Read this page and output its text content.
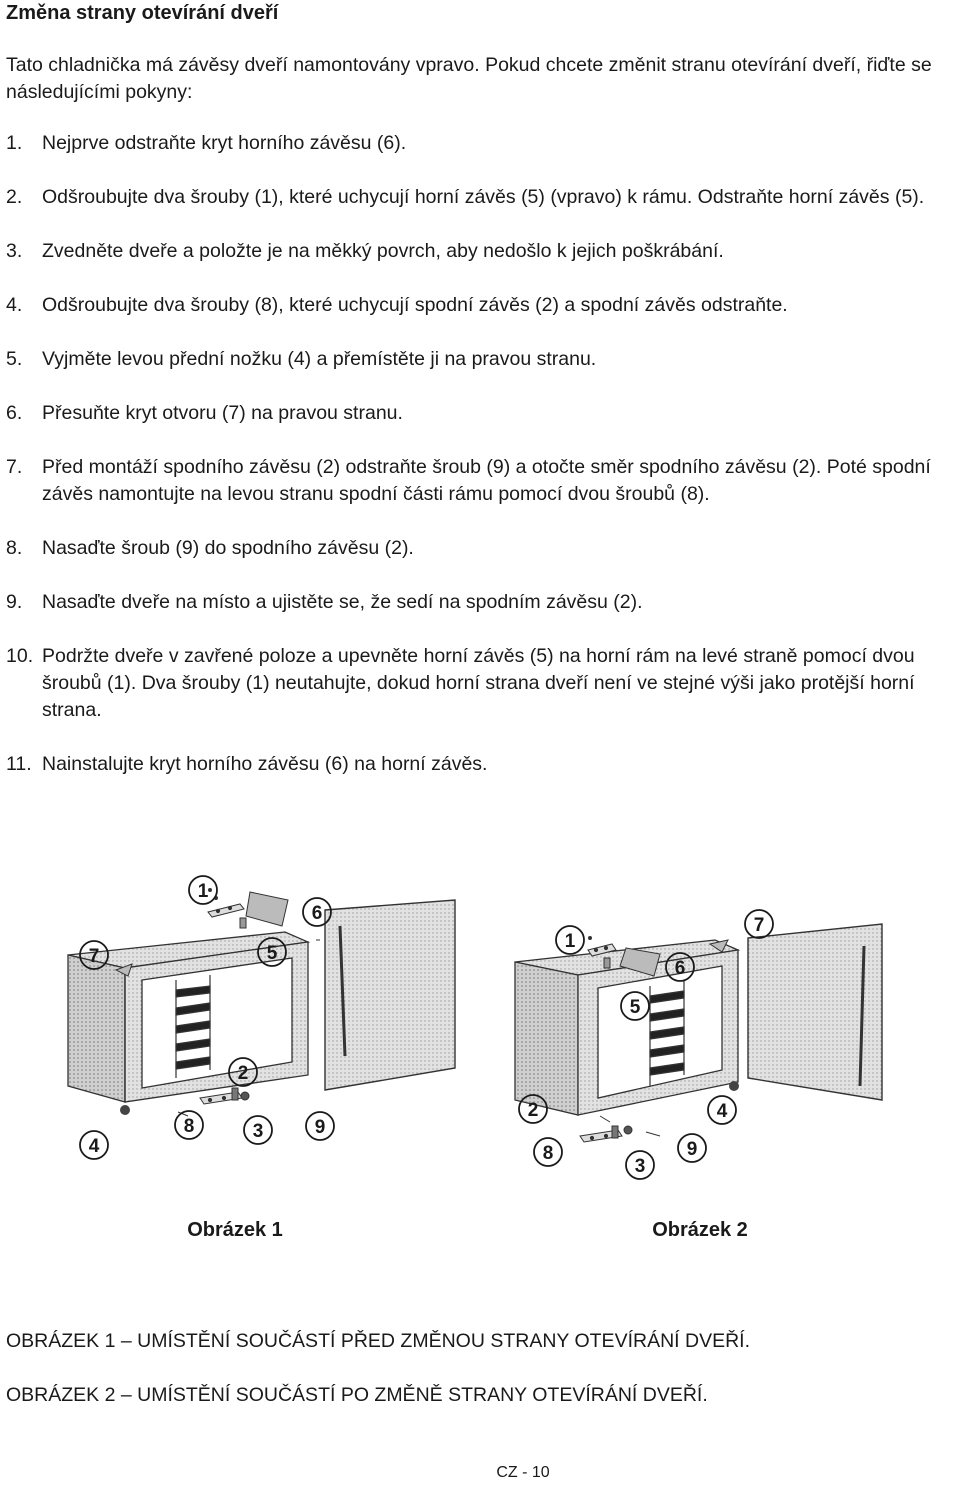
Změna strany otevírání dveří

Tato chladnička má závěsy dveří namontovány vpravo. Pokud chcete změnit stranu otevírání dveří, řiďte se následujícími pokyny:

1.	Nejprve odstraňte kryt horního závěsu (6).
2.	Odšroubujte dva šrouby (1), které uchycují horní závěs (5) (vpravo) k rámu. Odstraňte horní závěs (5).
3.	Zvedněte dveře a položte je na měkký povrch, aby nedošlo k jejich poškrábání.
4.	Odšroubujte dva šrouby (8), které uchycují spodní závěs (2) a spodní závěs odstraňte.
5.	Vyjměte levou přední nožku (4) a přemístěte ji na pravou stranu.
6.	Přesuňte kryt otvoru (7) na pravou stranu.
7.	Před montáží spodního závěsu (2) odstraňte šroub (9) a otočte směr spodního závěsu (2). Poté spodní závěs namontujte na levou stranu spodní části rámu pomocí dvou šroubů (8).
8.	Nasaďte šroub (9) do spodního závěsu (2).
9.	Nasaďte dveře na místo a ujistěte se, že sedí na spodním závěsu (2).
10. Podržte dveře v zavřené poloze a upevněte horní závěs (5) na horní rám na levé straně pomocí dvou šroubů (1). Dva šrouby (1) neutahujte, dokud horní strana dveří není ve stejné výši jako protější horní strana.
11. Nainstalujte kryt horního závěsu (6) na horní závěs.
1
6
7	5
2
4
8	3	9
Obrázek 1
7
1
6
5
2	4
9
8
3
Obrázek 2

OBRÁZEK 1 – UMÍSTĚNÍ SOUČÁSTÍ PŘED ZMĚNOU STRANY OTEVÍRÁNÍ DVEŘÍ.

OBRÁZEK 2 – UMÍSTĚNÍ SOUČÁSTÍ PO ZMĚNĚ STRANY OTEVÍRÁNÍ DVEŘÍ.

CZ - 10
